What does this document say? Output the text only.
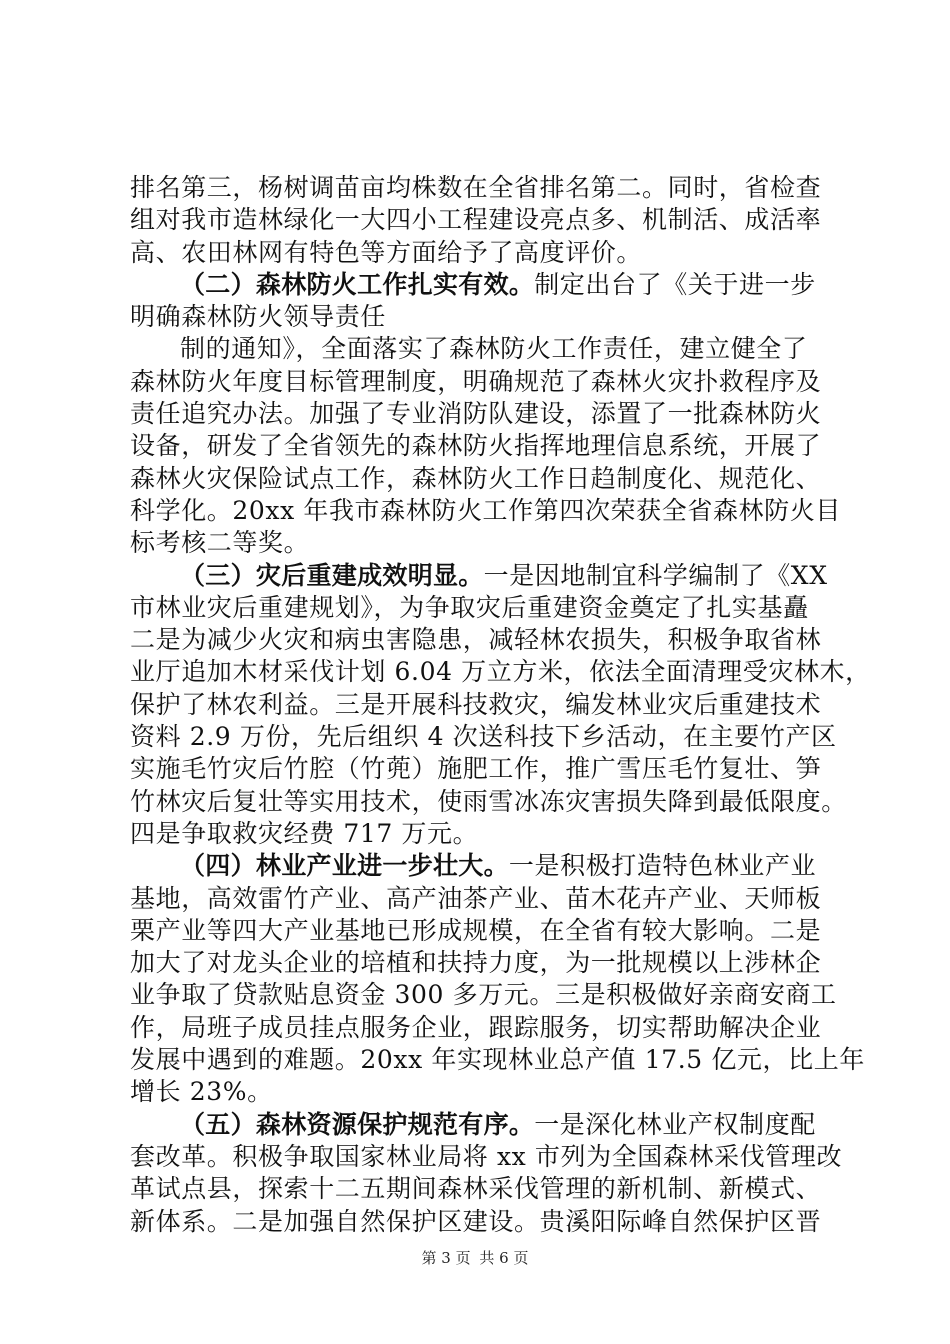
排名第三，杨树调苗亩均株数在全省排名第二。同时，省检查
组对我市造林绿化一大四小工程建设亮点多、机制活、成活率
高、农田林网有特色等方面给予了高度评价。
（二）森林防火工作扎实有效。制定出台了《关于进一步
明确森林防火领导责任
制的通知》，全面落实了森林防火工作责任，建立健全了
森林防火年度目标管理制度，明确规范了森林火灾扑救程序及
责任追究办法。加强了专业消防队建设，添置了一批森林防火
设备，研发了全省领先的森林防火指挥地理信息系统，开展了
森林火灾保险试点工作，森林防火工作日趋制度化、规范化、
科学化。20xx 年我市森林防火工作第四次荣获全省森林防火目
标考核二等奖。
（三）灾后重建成效明显。一是因地制宜科学编制了《XX
市林业灾后重建规划》，为争取灾后重建资金奠定了扎实基矗
二是为减少火灾和病虫害隐患，减轻林农损失，积极争取省林
业厅追加木材采伐计划 6.04 万立方米，依法全面清理受灾林木，
保护了林农利益。三是开展科技救灾，编发林业灾后重建技术
资料 2.9 万份，先后组织 4 次送科技下乡活动，在主要竹产区
实施毛竹灾后竹腔（竹蔸）施肥工作，推广雪压毛竹复壮、笋
竹林灾后复壮等实用技术，使雨雪冰冻灾害损失降到最低限度。
四是争取救灾经费 717 万元。
（四）林业产业进一步壮大。一是积极打造特色林业产业
基地，高效雷竹产业、高产油茶产业、苗木花卉产业、天师板
栗产业等四大产业基地已形成规模，在全省有较大影响。二是
加大了对龙头企业的培植和扶持力度，为一批规模以上涉林企
业争取了贷款贴息资金 300 多万元。三是积极做好亲商安商工
作，局班子成员挂点服务企业，跟踪服务，切实帮助解决企业
发展中遇到的难题。20xx 年实现林业总产值 17.5 亿元，比上年
增长 23%。
（五）森林资源保护规范有序。一是深化林业产权制度配
套改革。积极争取国家林业局将 xx 市列为全国森林采伐管理改
革试点县，探索十二五期间森林采伐管理的新机制、新模式、
新体系。二是加强自然保护区建设。贵溪阳际峰自然保护区晋
第 3 页 共 6 页
